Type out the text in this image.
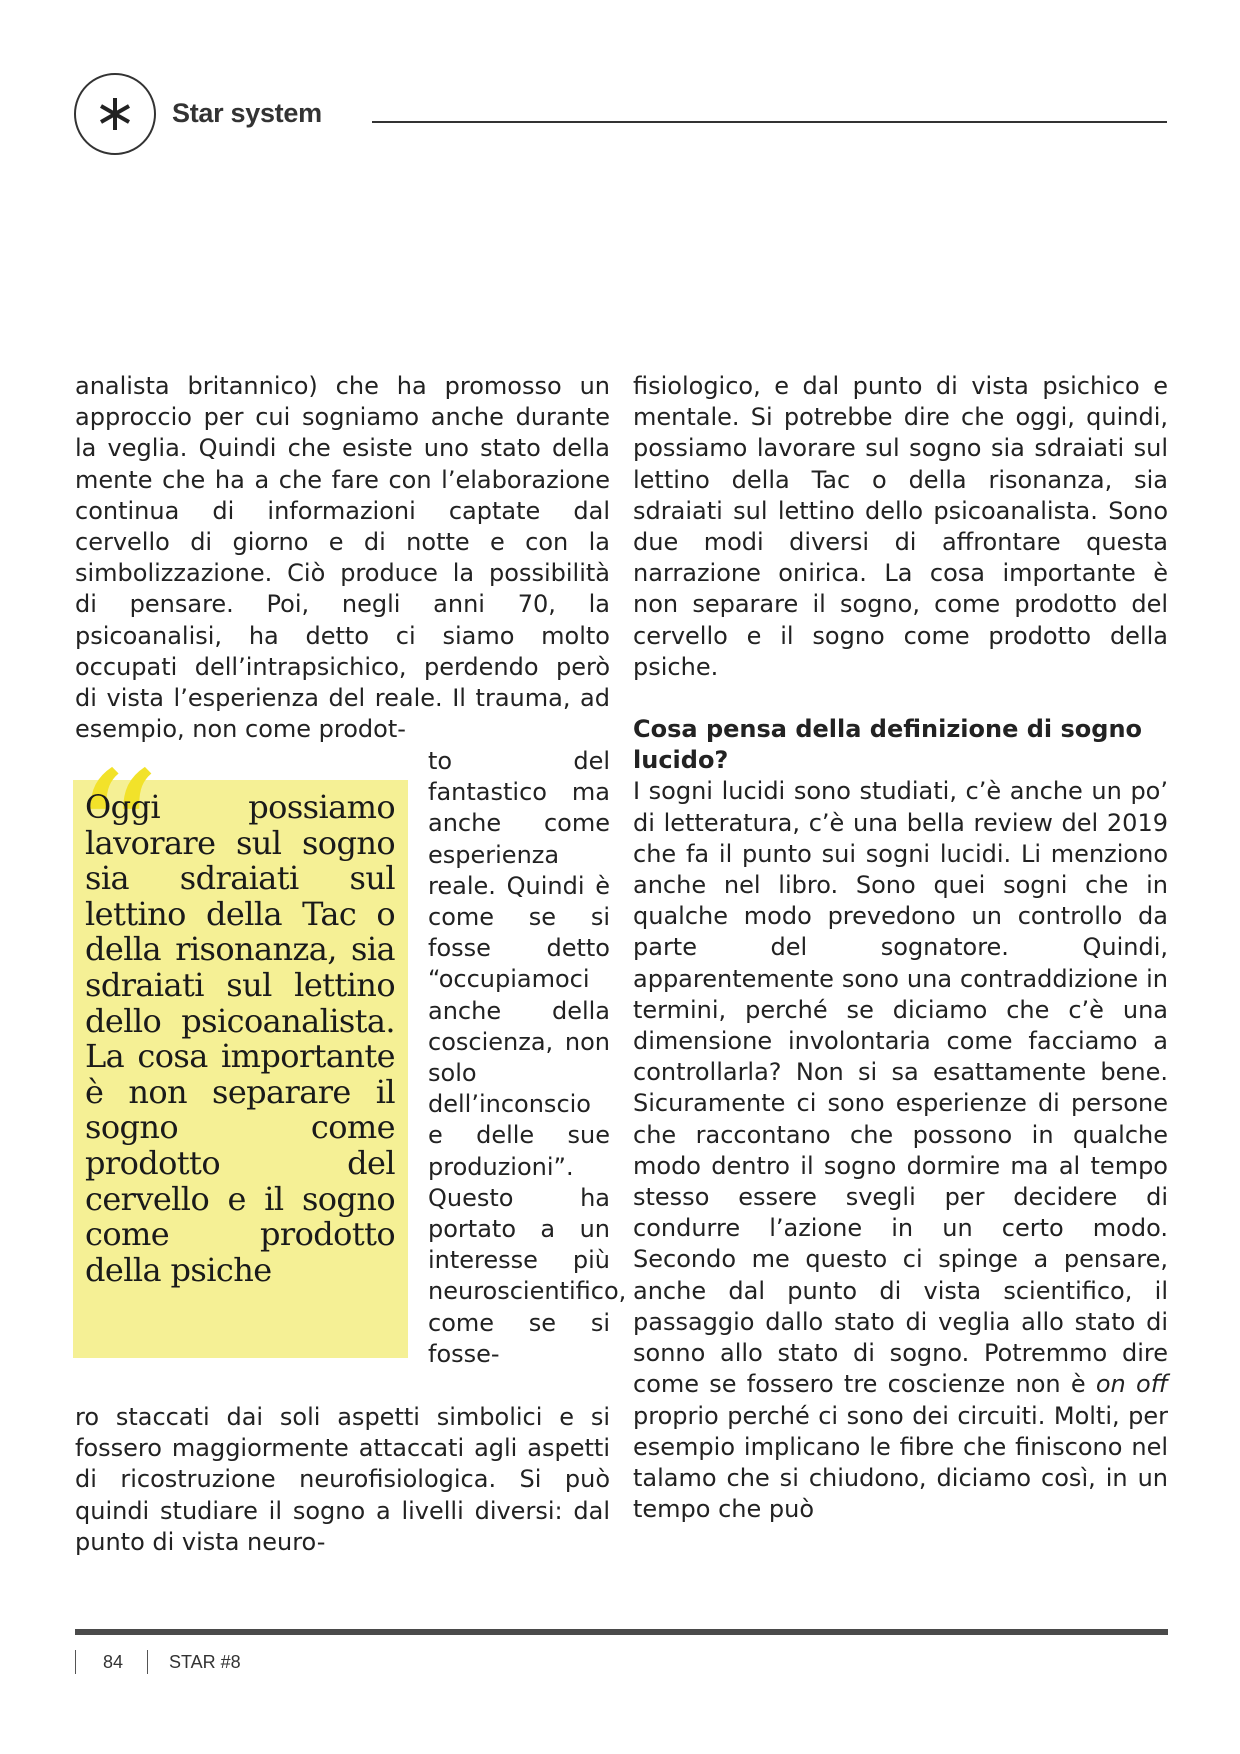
Star system

analista britannico) che ha promosso un approccio per cui sogniamo anche durante la veglia. Quindi che esiste uno stato della mente che ha a che fare con l’elaborazione continua di informazioni captate dal cervello di giorno e di notte e con la simbolizzazione. Ciò produce la possibilità di pensare. Poi, negli anni 70, la psicoanalisi, ha detto ci siamo molto occupati dell’intrapsichico, perdendo però di vista l’esperienza del reale. Il trauma, ad esempio, non come prodot-

“

Oggi possiamo lavorare sul sogno sia sdraiati sul lettino della Tac o della risonanza, sia sdraiati sul lettino dello psicoanalista. La cosa importante è non separare il sogno come prodotto del cervello e il sogno come prodotto della psiche

to del fantastico ma anche come esperienza reale. Quindi è come se si fosse detto “occupiamoci anche della coscienza, non solo dell’inconscio e delle sue produzioni”. Questo ha portato a un interesse più neuroscientifico, come se si fosse-

ro staccati dai soli aspetti simbolici e si fossero maggiormente attaccati agli aspetti di ricostruzione neurofisiologica. Si può quindi studiare il sogno a livelli diversi: dal punto di vista neuro-

fisiologico, e dal punto di vista psichico e mentale. Si potrebbe dire che oggi, quindi, possiamo lavorare sul sogno sia sdraiati sul lettino della Tac o della risonanza, sia sdraiati sul lettino dello psicoanalista. Sono due modi diversi di affrontare questa narrazione onirica. La cosa importante è non separare il sogno, come prodotto del cervello e il sogno come prodotto della psiche.

Cosa pensa della definizione di sogno lucido?

I sogni lucidi sono studiati, c’è anche un po’ di letteratura, c’è una bella review del 2019 che fa il punto sui sogni lucidi. Li menziono anche nel libro. Sono quei sogni che in qualche modo prevedono un controllo da parte del sognatore. Quindi, apparentemente sono una contraddizione in termini, perché se diciamo che c’è una dimensione involontaria come facciamo a controllarla? Non si sa esattamente bene. Sicuramente ci sono esperienze di persone che raccontano che possono in qualche modo dentro il sogno dormire ma al tempo stesso essere svegli per decidere di condurre l’azione in un certo modo. Secondo me questo ci spinge a pensare, anche dal punto di vista scientifico, il passaggio dallo stato di veglia allo stato di sonno allo stato di sogno. Potremmo dire come se fossero tre coscienze non è on off proprio perché ci sono dei circuiti. Molti, per esempio implicano le fibre che finiscono nel talamo che si chiudono, diciamo così, in un tempo che può

84	STAR #8
